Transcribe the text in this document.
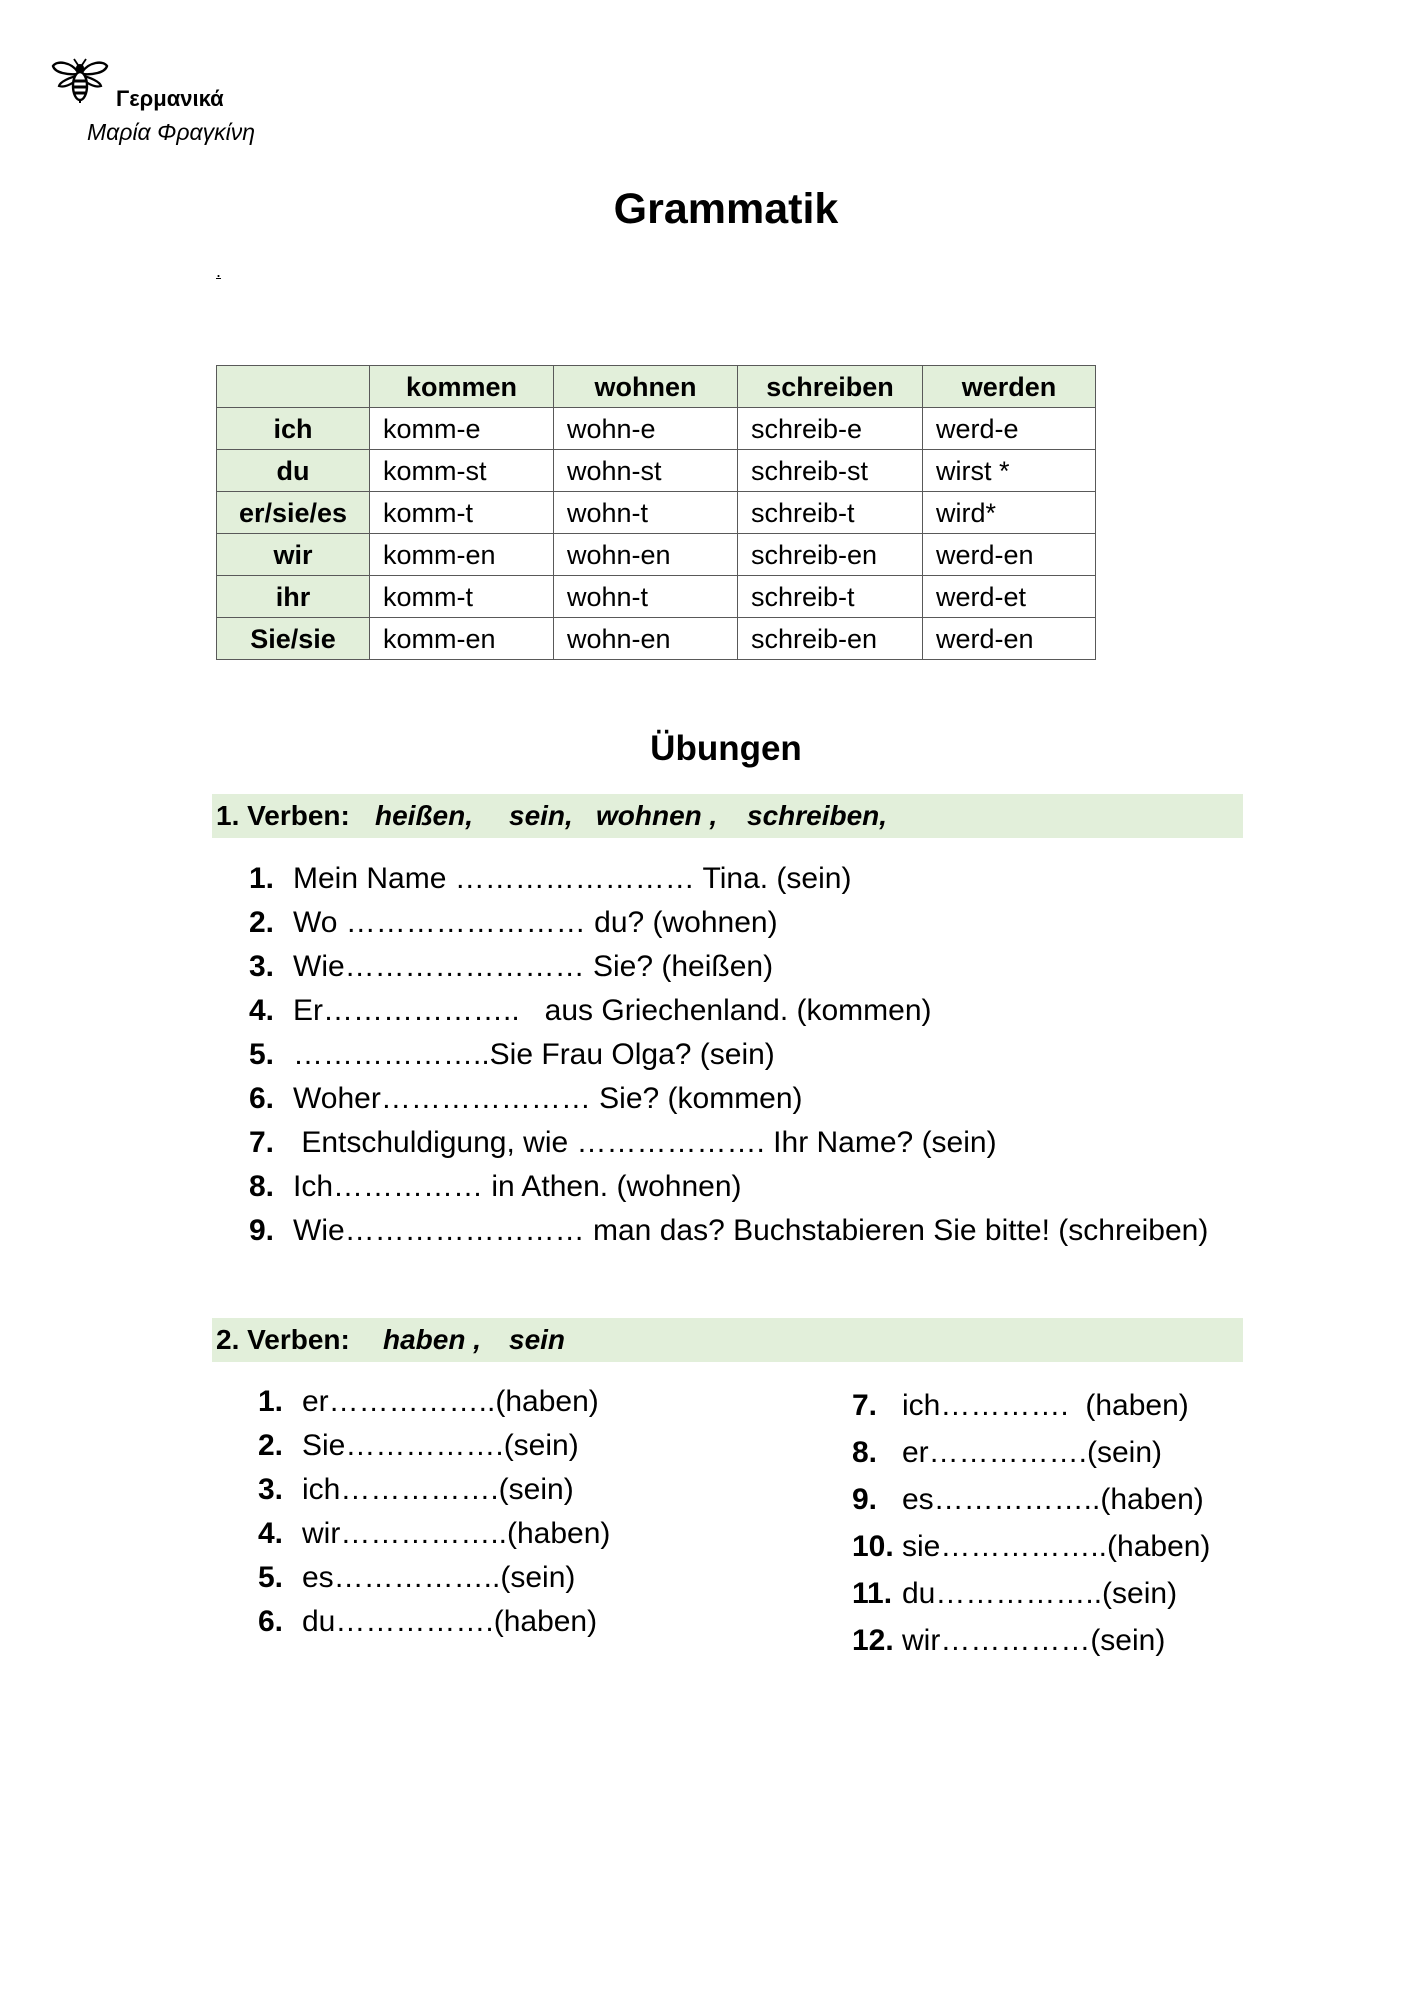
Γερμανικά
Μαρία Φραγκίνη
Grammatik
.
	kommen	wohnen	schreiben	werden
ich	komm-e	wohn-e	schreib-e	werd-e
du	komm-st	wohn-st	schreib-st	wirst *
er/sie/es	komm-t	wohn-t	schreib-t	wird*
wir	komm-en	wohn-en	schreib-en	werd-en
ihr	komm-t	wohn-t	schreib-t	werd-et
Sie/sie	komm-en	wohn-en	schreib-en	werd-en
Übungen
1. Verben: heißen, sein, wohnen , schreiben,
1. Mein Name …………………… Tina. (sein)
2. Wo …………………… du? (wohnen)
3. Wie…………………… Sie? (heißen)
4. Er………………..   aus Griechenland. (kommen)
5. ………………..Sie Frau Olga? (sein)
6. Woher………………… Sie? (kommen)
7. Entschuldigung, wie ………………. Ihr Name? (sein)
8. Ich…………… in Athen. (wohnen)
9. Wie…………………… man das? Buchstabieren Sie bitte! (schreiben)
2. Verben: haben , sein
1. er……………..(haben)
2. Sie…………….(sein)
3. ich…………….(sein)
4. wir……………..(haben)
5. es……………..(sein)
6. du…………….(haben)
7. ich………….  (haben)
8. er…………….(sein)
9. es……………..(haben)
10. sie……………..(haben)
11. du……………..(sein)
12. wir……………(sein)
